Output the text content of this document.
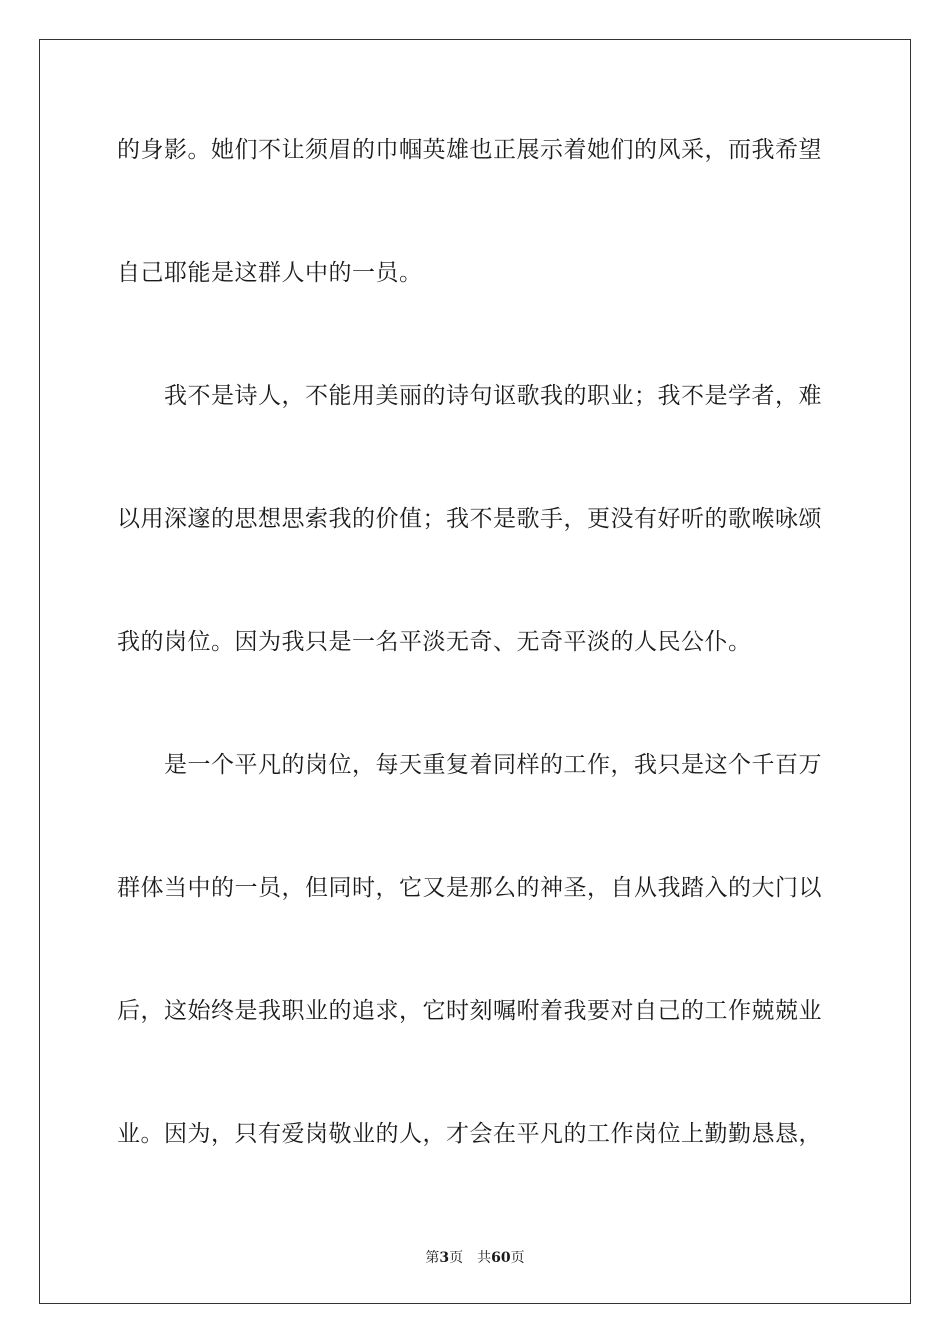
的身影。她们不让须眉的巾帼英雄也正展示着她们的风采，而我希望
自己耶能是这群人中的一员。
　　我不是诗人，不能用美丽的诗句讴歌我的职业；我不是学者，难
以用深邃的思想思索我的价值；我不是歌手，更没有好听的歌喉咏颂
我的岗位。因为我只是一名平淡无奇、无奇平淡的人民公仆。
　　是一个平凡的岗位，每天重复着同样的工作，我只是这个千百万
群体当中的一员，但同时，它又是那么的神圣，自从我踏入的大门以
后，这始终是我职业的追求，它时刻嘱咐着我要对自己的工作兢兢业
业。因为，只有爱岗敬业的人，才会在平凡的工作岗位上勤勤恳恳，
第3页 共60页
